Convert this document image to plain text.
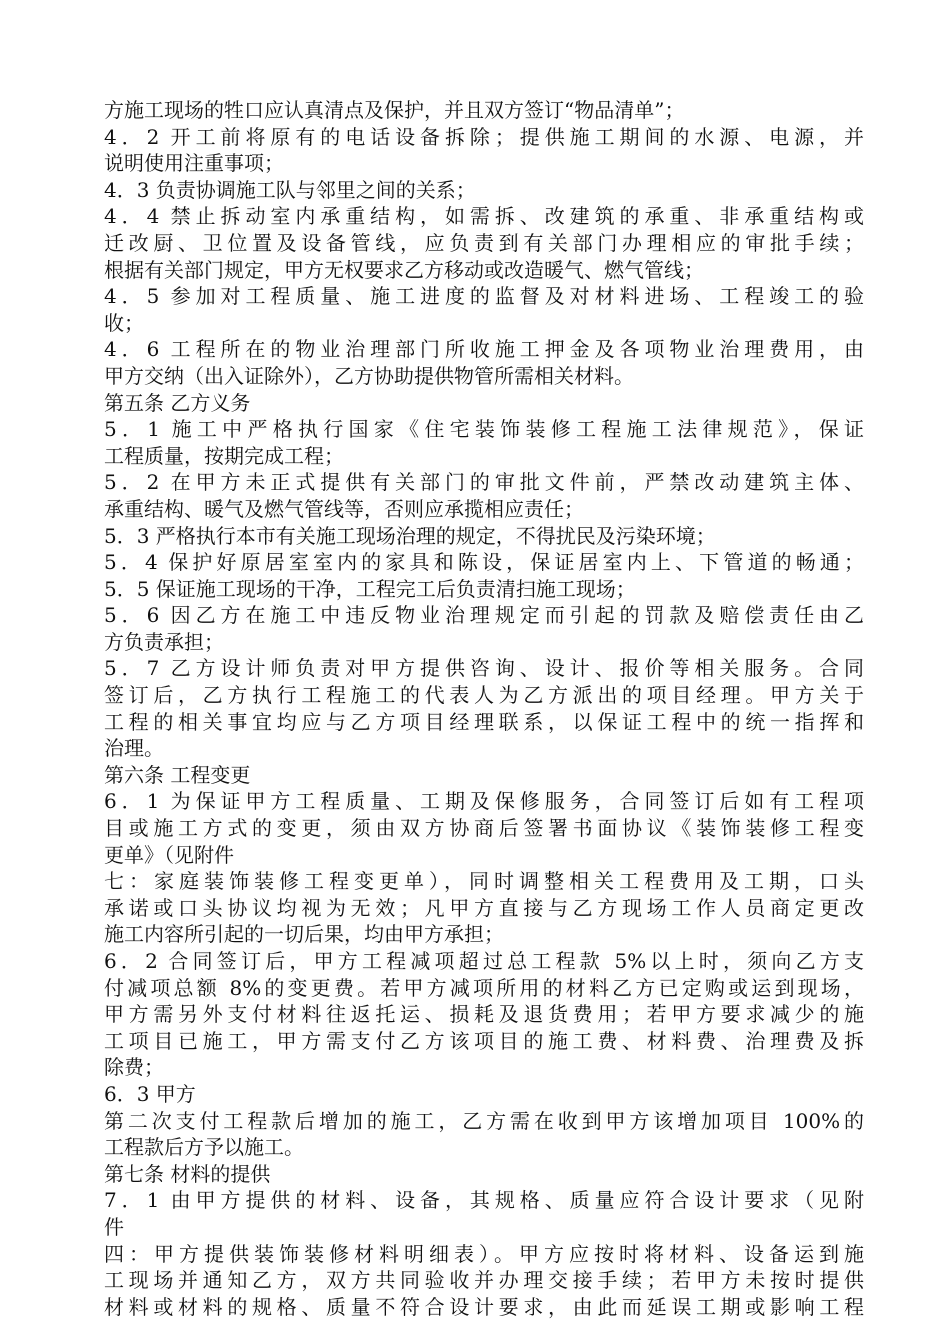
方施工现场的牲口应认真清点及保护，并且双方签订“物品清单”；
4．2 开工前将原有的电话设备拆除；提供施工期间的水源、电源，并
说明使用注重事项；
4．3 负责协调施工队与邻里之间的关系；
4．4 禁止拆动室内承重结构，如需拆、改建筑的承重、非承重结构或
迁改厨、卫位置及设备管线，应负责到有关部门办理相应的审批手续；
根据有关部门规定，甲方无权要求乙方移动或改造暖气、燃气管线；
4．5 参加对工程质量、施工进度的监督及对材料进场、工程竣工的验
收；
4．6 工程所在的物业治理部门所收施工押金及各项物业治理费用，由
甲方交纳（出入证除外），乙方协助提供物管所需相关材料。
第五条 乙方义务
5．1 施工中严格执行国家《住宅装饰装修工程施工法律规范》，保证
工程质量，按期完成工程；
5．2 在甲方未正式提供有关部门的审批文件前，严禁改动建筑主体、
承重结构、暖气及燃气管线等，否则应承揽相应责任；
5．3 严格执行本市有关施工现场治理的规定，不得扰民及污染环境；
5．4 保护好原居室室内的家具和陈设，保证居室内上、下管道的畅通；
5．5 保证施工现场的干净，工程完工后负责清扫施工现场；
5．6 因乙方在施工中违反物业治理规定而引起的罚款及赔偿责任由乙
方负责承担；
5．7 乙方设计师负责对甲方提供咨询、设计、报价等相关服务。合同
签订后，乙方执行工程施工的代表人为乙方派出的项目经理。甲方关于
工程的相关事宜均应与乙方项目经理联系，以保证工程中的统一指挥和
治理。
第六条 工程变更
6．1 为保证甲方工程质量、工期及保修服务，合同签订后如有工程项
目或施工方式的变更，须由双方协商后签署书面协议《装饰装修工程变
更单》（见附件
七：家庭装饰装修工程变更单），同时调整相关工程费用及工期，口头
承诺或口头协议均视为无效；凡甲方直接与乙方现场工作人员商定更改
施工内容所引起的一切后果，均由甲方承担；
6．2 合同签订后，甲方工程减项超过总工程款 5%以上时，须向乙方支
付减项总额 8%的变更费。若甲方减项所用的材料乙方已定购或运到现场，
甲方需另外支付材料往返托运、损耗及退货费用；若甲方要求减少的施
工项目已施工，甲方需支付乙方该项目的施工费、材料费、治理费及拆
除费；
6．3 甲方
第二次支付工程款后增加的施工，乙方需在收到甲方该增加项目 100%的
工程款后方予以施工。
第七条 材料的提供
7．1 由甲方提供的材料、设备，其规格、质量应符合设计要求（见附
件
四：甲方提供装饰装修材料明细表）。甲方应按时将材料、设备运到施
工现场并通知乙方，双方共同验收并办理交接手续；若甲方未按时提供
材料或材料的规格、质量不符合设计要求，由此而延误工期或影响工程
